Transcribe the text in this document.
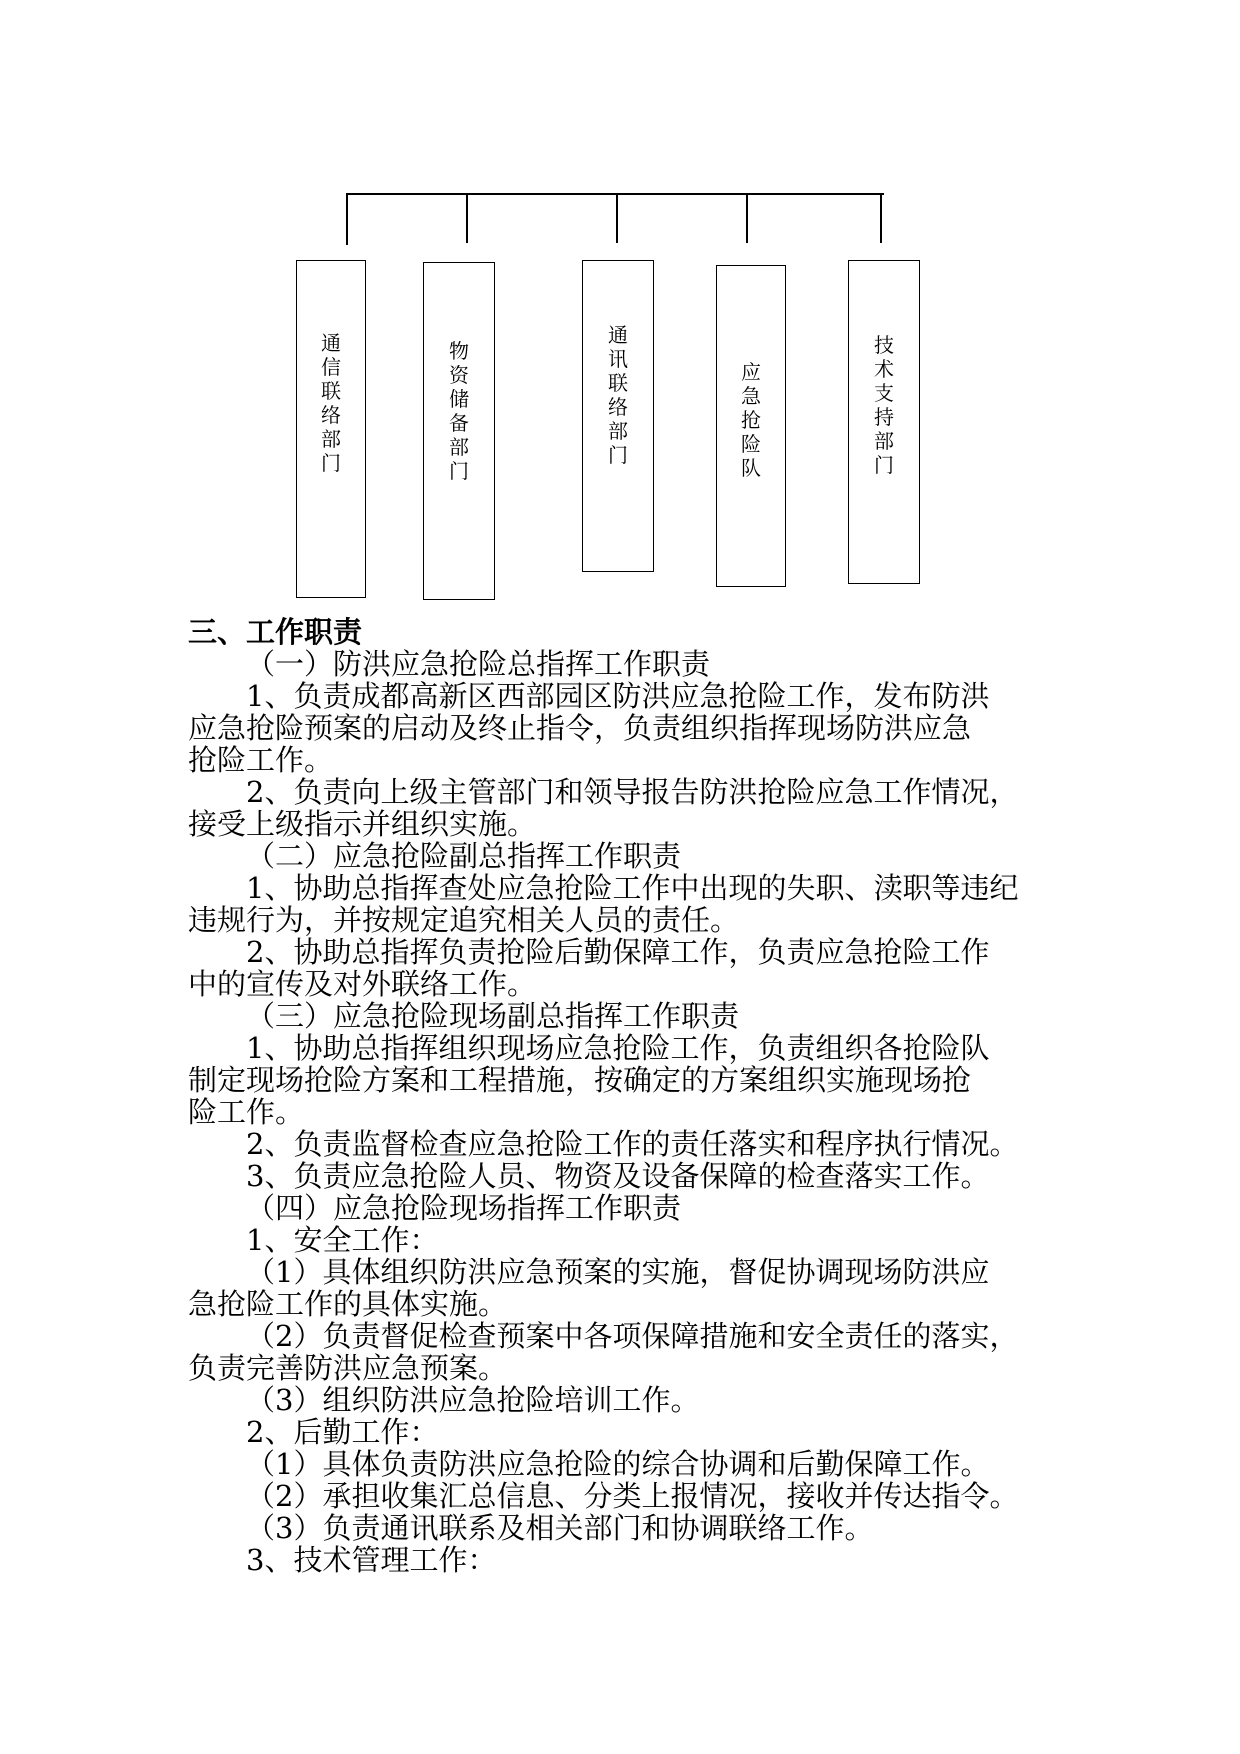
通
信
联
络
部
门
物
资
储
备
部
门
通
讯
联
络
部
门
应
急
抢
险
队
技
术
支
持
部
门

三、工作职责

（一）防洪应急抢险总指挥工作职责

1、负责成都高新区西部园区防洪应急抢险工作，发布防洪

应急抢险预案的启动及终止指令，负责组织指挥现场防洪应急

抢险工作。

2、负责向上级主管部门和领导报告防洪抢险应急工作情况，

接受上级指示并组织实施。

（二）应急抢险副总指挥工作职责

1、协助总指挥查处应急抢险工作中出现的失职、渎职等违纪

违规行为，并按规定追究相关人员的责任。

2、协助总指挥负责抢险后勤保障工作，负责应急抢险工作

中的宣传及对外联络工作。

（三）应急抢险现场副总指挥工作职责

1、协助总指挥组织现场应急抢险工作，负责组织各抢险队

制定现场抢险方案和工程措施，按确定的方案组织实施现场抢

险工作。

2、负责监督检查应急抢险工作的责任落实和程序执行情况。

3、负责应急抢险人员、物资及设备保障的检查落实工作。

（四）应急抢险现场指挥工作职责

1、安全工作：

（1）具体组织防洪应急预案的实施，督促协调现场防洪应

急抢险工作的具体实施。

（2）负责督促检查预案中各项保障措施和安全责任的落实，

负责完善防洪应急预案。

（3）组织防洪应急抢险培训工作。

2、后勤工作：

（1）具体负责防洪应急抢险的综合协调和后勤保障工作。

（2）承担收集汇总信息、分类上报情况，接收并传达指令。

（3）负责通讯联系及相关部门和协调联络工作。

3、技术管理工作：
